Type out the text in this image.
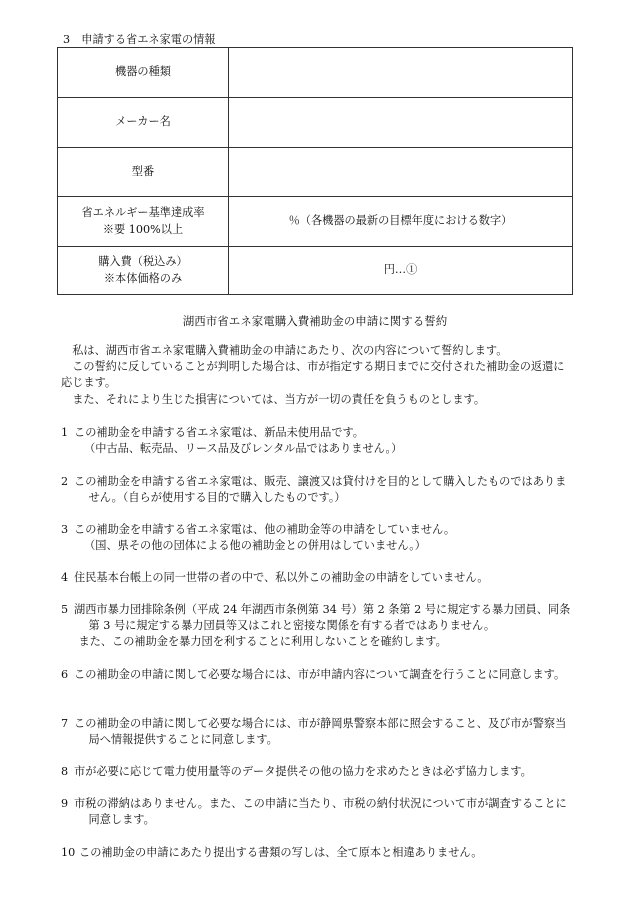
3　申請する省エネ家電の情報
機器の種類	
メーカー名	
型番	

省エネルギー基準達成率
※要 100%以上	％（各機器の最新の目標年度における数字）

購入費（税込み）
※本体価格のみ	円…①
湖西市省エネ家電購入費補助金の申請に関する誓約

私は、湖西市省エネ家電購入費補助金の申請にあたり、次の内容について誓約します。

この誓約に反していることが判明した場合は、市が指定する期日までに交付された補助金の返還に応じます。

また、それにより生じた損害については、当方が一切の責任を負うものとします。

1 この補助金を申請する省エネ家電は、新品未使用品です。
（中古品、転売品、リース品及びレンタル品ではありません。）
2 この補助金を申請する省エネ家電は、販売、譲渡又は貸付けを目的として購入したものではありません。（自らが使用する目的で購入したものです。）
3 この補助金を申請する省エネ家電は、他の補助金等の申請をしていません。
（国、県その他の団体による他の補助金との併用はしていません。）
4 住民基本台帳上の同一世帯の者の中で、私以外この補助金の申請をしていません。
5 湖西市暴力団排除条例（平成 24 年湖西市条例第 34 号）第 2 条第 2 号に規定する暴力団員、同条第 3 号に規定する暴力団員等又はこれと密接な関係を有する者ではありません。
また、この補助金を暴力団を利することに利用しないことを確約します。
6 この補助金の申請に関して必要な場合には、市が申請内容について調査を行うことに同意します。
7 この補助金の申請に関して必要な場合には、市が静岡県警察本部に照会すること、及び市が警察当局へ情報提供することに同意します。
8 市が必要に応じて電力使用量等のデータ提供その他の協力を求めたときは必ず協力します。
9 市税の滞納はありません。また、この申請に当たり、市税の納付状況について市が調査することに同意します。
10 この補助金の申請にあたり提出する書類の写しは、全て原本と相違ありません。
